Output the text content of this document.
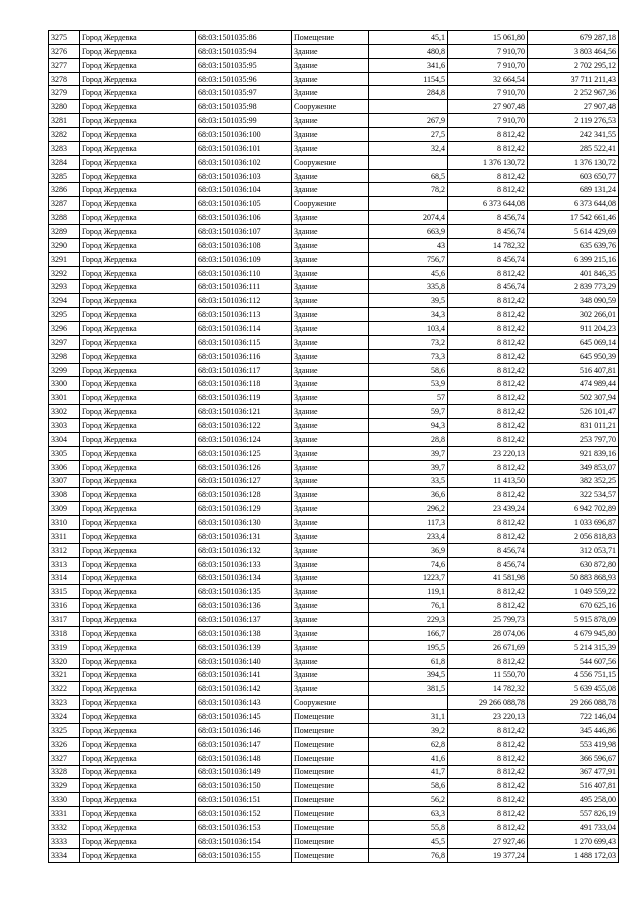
3275	Город Жердевка	68:03:1501035:86	Помещение	45,1	15 061,80	679 287,18
3276	Город Жердевка	68:03:1501035:94	Здание	480,8	7 910,70	3 803 464,56
3277	Город Жердевка	68:03:1501035:95	Здание	341,6	7 910,70	2 702 295,12
3278	Город Жердевка	68:03:1501035:96	Здание	1154,5	32 664,54	37 711 211,43
3279	Город Жердевка	68:03:1501035:97	Здание	284,8	7 910,70	2 252 967,36
3280	Город Жердевка	68:03:1501035:98	Сооружение		27 907,48	27 907,48
3281	Город Жердевка	68:03:1501035:99	Здание	267,9	7 910,70	2 119 276,53
3282	Город Жердевка	68:03:1501036:100	Здание	27,5	8 812,42	242 341,55
3283	Город Жердевка	68:03:1501036:101	Здание	32,4	8 812,42	285 522,41
3284	Город Жердевка	68:03:1501036:102	Сооружение		1 376 130,72	1 376 130,72
3285	Город Жердевка	68:03:1501036:103	Здание	68,5	8 812,42	603 650,77
3286	Город Жердевка	68:03:1501036:104	Здание	78,2	8 812,42	689 131,24
3287	Город Жердевка	68:03:1501036:105	Сооружение		6 373 644,08	6 373 644,08
3288	Город Жердевка	68:03:1501036:106	Здание	2074,4	8 456,74	17 542 661,46
3289	Город Жердевка	68:03:1501036:107	Здание	663,9	8 456,74	5 614 429,69
3290	Город Жердевка	68:03:1501036:108	Здание	43	14 782,32	635 639,76
3291	Город Жердевка	68:03:1501036:109	Здание	756,7	8 456,74	6 399 215,16
3292	Город Жердевка	68:03:1501036:110	Здание	45,6	8 812,42	401 846,35
3293	Город Жердевка	68:03:1501036:111	Здание	335,8	8 456,74	2 839 773,29
3294	Город Жердевка	68:03:1501036:112	Здание	39,5	8 812,42	348 090,59
3295	Город Жердевка	68:03:1501036:113	Здание	34,3	8 812,42	302 266,01
3296	Город Жердевка	68:03:1501036:114	Здание	103,4	8 812,42	911 204,23
3297	Город Жердевка	68:03:1501036:115	Здание	73,2	8 812,42	645 069,14
3298	Город Жердевка	68:03:1501036:116	Здание	73,3	8 812,42	645 950,39
3299	Город Жердевка	68:03:1501036:117	Здание	58,6	8 812,42	516 407,81
3300	Город Жердевка	68:03:1501036:118	Здание	53,9	8 812,42	474 989,44
3301	Город Жердевка	68:03:1501036:119	Здание	57	8 812,42	502 307,94
3302	Город Жердевка	68:03:1501036:121	Здание	59,7	8 812,42	526 101,47
3303	Город Жердевка	68:03:1501036:122	Здание	94,3	8 812,42	831 011,21
3304	Город Жердевка	68:03:1501036:124	Здание	28,8	8 812,42	253 797,70
3305	Город Жердевка	68:03:1501036:125	Здание	39,7	23 220,13	921 839,16
3306	Город Жердевка	68:03:1501036:126	Здание	39,7	8 812,42	349 853,07
3307	Город Жердевка	68:03:1501036:127	Здание	33,5	11 413,50	382 352,25
3308	Город Жердевка	68:03:1501036:128	Здание	36,6	8 812,42	322 534,57
3309	Город Жердевка	68:03:1501036:129	Здание	296,2	23 439,24	6 942 702,89
3310	Город Жердевка	68:03:1501036:130	Здание	117,3	8 812,42	1 033 696,87
3311	Город Жердевка	68:03:1501036:131	Здание	233,4	8 812,42	2 056 818,83
3312	Город Жердевка	68:03:1501036:132	Здание	36,9	8 456,74	312 053,71
3313	Город Жердевка	68:03:1501036:133	Здание	74,6	8 456,74	630 872,80
3314	Город Жердевка	68:03:1501036:134	Здание	1223,7	41 581,98	50 883 868,93
3315	Город Жердевка	68:03:1501036:135	Здание	119,1	8 812,42	1 049 559,22
3316	Город Жердевка	68:03:1501036:136	Здание	76,1	8 812,42	670 625,16
3317	Город Жердевка	68:03:1501036:137	Здание	229,3	25 799,73	5 915 878,09
3318	Город Жердевка	68:03:1501036:138	Здание	166,7	28 074,06	4 679 945,80
3319	Город Жердевка	68:03:1501036:139	Здание	195,5	26 671,69	5 214 315,39
3320	Город Жердевка	68:03:1501036:140	Здание	61,8	8 812,42	544 607,56
3321	Город Жердевка	68:03:1501036:141	Здание	394,5	11 550,70	4 556 751,15
3322	Город Жердевка	68:03:1501036:142	Здание	381,5	14 782,32	5 639 455,08
3323	Город Жердевка	68:03:1501036:143	Сооружение		29 266 088,78	29 266 088,78
3324	Город Жердевка	68:03:1501036:145	Помещение	31,1	23 220,13	722 146,04
3325	Город Жердевка	68:03:1501036:146	Помещение	39,2	8 812,42	345 446,86
3326	Город Жердевка	68:03:1501036:147	Помещение	62,8	8 812,42	553 419,98
3327	Город Жердевка	68:03:1501036:148	Помещение	41,6	8 812,42	366 596,67
3328	Город Жердевка	68:03:1501036:149	Помещение	41,7	8 812,42	367 477,91
3329	Город Жердевка	68:03:1501036:150	Помещение	58,6	8 812,42	516 407,81
3330	Город Жердевка	68:03:1501036:151	Помещение	56,2	8 812,42	495 258,00
3331	Город Жердевка	68:03:1501036:152	Помещение	63,3	8 812,42	557 826,19
3332	Город Жердевка	68:03:1501036:153	Помещение	55,8	8 812,42	491 733,04
3333	Город Жердевка	68:03:1501036:154	Помещение	45,5	27 927,46	1 270 699,43
3334	Город Жердевка	68:03:1501036:155	Помещение	76,8	19 377,24	1 488 172,03
